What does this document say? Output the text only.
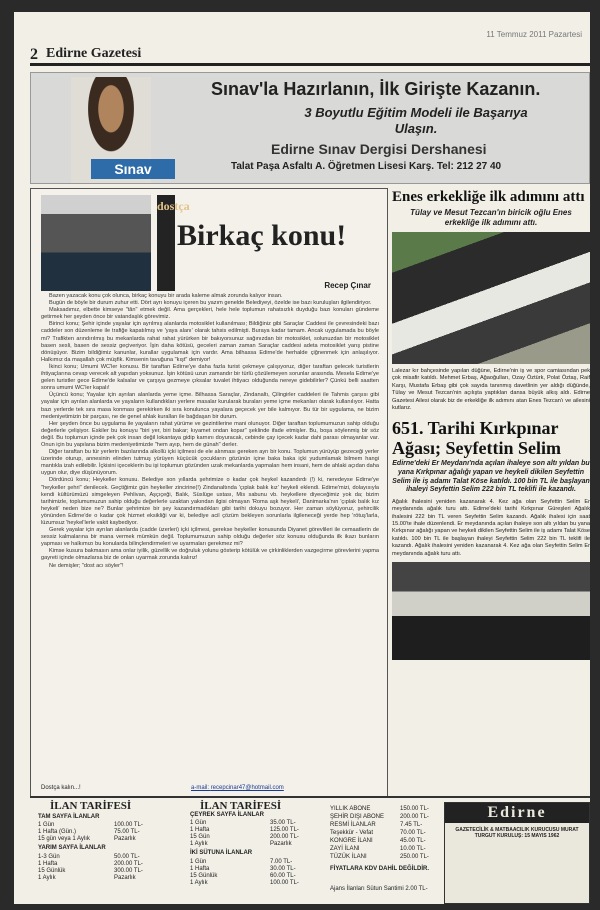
11 Temmuz 2011 Pazartesi
2 Edirne Gazetesi
Sınav
Sınav'la Hazırlanın, İlk Girişte Kazanın.
3 Boyutlu Eğitim Modeli ile Başarıya Ulaşın.
Edirne Sınav Dergisi Dershanesi
Talat Paşa Asfaltı A. Öğretmen Lisesi Karş. Tel: 212 27 40
dostça
Birkaç konu!
Recep Çınar

Bazen yazacak konu çok olunca, birkaç konuyu bir arada kaleme almak zorunda kalıyor insan.

Bugün de böyle bir durum zuhur etti. Dört ayrı konuyu içeren bu yazım genelde Belediyeyi, özelde ise bazı kuruluşları ilgilendiriyor.

Maksadımız, elbette kimseye "tân" etmek değil. Ama gerçekleri, hele hele toplumun rahatsızlık duyduğu bazı konuları gündeme getirmek her şeyden önce bir vatandaşlık görevimiz.

Birinci konu; Şehir içinde yayalar için ayrılmış alanlarda motosiklet kullanılması; Bildiğiniz gibi Saraçlar Caddesi ile çevresindeki bazı caddeler son düzenleme ile trafiğe kapatılmış ve 'yaya alanı' olarak tahsis edilmişti. Buraya kadar tamam. Ancak uygulamada bu böyle mi? Trafikten arındırılmış bu mekanlarda rahat rahat yürürken bir bakıyorsunuz sağınızdan bir motosiklet, solunuzdan bir motosiklet basen sesli, basen de sessiz geçiveriyor. İşin daha kötüsü, geceleri zaman zaman Saraçlar caddesi adeta motosiklet yarış pistine dönüşüyor. Bizim bildiğimiz kanunlar, kurallar uygulamak için vardır. Ama bilhassa Edirne'de herhalde çiğnenmek için anlaşılıyor. Halkımız da maşallah çok müşfik. Kimsenin tavuğuna "kışt" demiyor!

İkinci konu; Umumi WC'ler konusu. Bir taraftan Edirne'ye daha fazla turist çekmeye çalışıyoruz, diğer taraftan gelecek turistlerin ihtiyaçlarına cevap verecek alt yapıdan yoksunuz. İşin kötüsü uzun zamandır bir türlü çözülemeyen sorunlar arasında. Mesela Edirne'ye gelen turistler gece Edirne'de kalsalar ve çarşıya gezmeye çıksalar tuvalet ihtiyacı olduğunda nereye gidebilirler? Çünkü belli saatten sonra umumi WC'ler kapalı!

Üçüncü konu; Yayalar için ayrılan alanlarda yeme içme. Bilhassa Saraçlar, Zindanaltı, Çilingirler caddeleri ile Tahmis çarşısı gibi yayalar için ayrılan alanlarda ve yayaların kullandıkları yerlere masalar kurularak buraları yeme içme mekanları olarak kullanılıyor. Hatta bazı yerlerde tek sıra masa konması gerekirken iki sıra konulunca yayalara geçecek yer bile kalmıyor. Bu tür bir uygulama, ne bizim medeniyetimizin bir parçası, ne de genel ahlak kuralları ile bağdaşan bir durum.

Her şeyden önce bu uygulama ile yayaların rahat yürüme ve gezintilerine mani olunuyor. Diğer taraftan toplumumuzun sahip olduğu değerlerle çelişiyor. Eskiler bu konuyu "biri yer, biri bakar; kıyamet ondan kopar" şeklinde ifade etmişler. Bu, boşa söylenmiş bir söz değil. Bu toplumun içinde pek çok insan değil lokantaya gidip karnını doyuracak, cebinde çay içecek kadar dahi parası olmayanlar var. Onun için bu yapılana bizim medeniyetimizde "hem ayıp, hem de günah" derler.

Diğer taraftan bu tür yerlerin bazılarında alkollü içki içilmesi de ele alınması gereken ayrı bir konu. Toplumun yürüyüp gezeceği yerler üzerinde oturup, annesinin elinden tutmuş yürüyen küçücük çocukların gözünün içine baka baka içki yudumlamak bilmem hangi mantıkla izah edilebilir. İçkisini içeceklerin bu işi toplumun gözünden uzak mekanlarda yapmaları hem insani, hem de ahlaki açıdan daha uygun olur, diye düşünüyorum.

Dördüncü konu; Heykeller konusu. Belediye son yıllarda şehrimize o kadar çok heykel kazandırdı (!) ki, neredeyse Edirne'ye "heykeller şehri" denilecek. Geçtiğimiz gün heykeller zincirine(!) Zindanaltında 'çıplak balık kız' heykeli eklendi. Edirne'mizi, dolayısıyla kendi kültürümüzü simgeleyen Pehlivan, Aşçıçeği, Balık, Süslüge ustası, Mis sabunu vb. heykellere diyeceğimiz yok da; bizim tarihimizle, toplumumuzun sahip olduğu değerlerle uzaktan yakından ilgisi olmayan 'Roma aşk heykeli', Danimarka'nın 'çıplak balık kız heykeli' neden bize ne? Bunlar şehrimize bir şey kazandırmadıkları gibi tarihi dokuyu bozuyor. Her zaman söylüyoruz, şehircilik yönünden Edirne'de o kadar çok hizmet eksikliği var ki, belediye acil çözüm bekleyen sorunlarla ilgileneceği yerde hep 'rötuş'larla, lüzumsuz 'heykel'lerle vakit kaybediyor.

Gerek yayalar için ayrılan alanlarda (cadde üzerleri) içki içilmesi, gerekse heykeller konusunda Diyanet görevlileri ile cemaatlerin de sessiz kalmalarına bir mana vermek mümkün değil. Toplumumuzun sahip olduğu değerler söz konusu olduğunda ilk ikazı bunların yapması ve halkımızı bu konularda bilinçlendirmeleri ve uyarmaları gerekmez mi?

Kimse kusura bakmasın ama onlar iyilik, güzellik ve doğruluk yolunu gösterip kötülük ve çirkinliklerden vazgeçirme görevlerini yapma gayreti içinde olmazlarsa biz de onları uyarmak zorunda kalırız!

Ne demişler; "dost acı söyler"!

Dostça kalın...!	a-mail: recepcinar47@hotmail.com
Enes erkekliğe ilk adımını attı
Tülay ve Mesut Tezcan'ın biricik oğlu Enes erkekliğe ilk adımını attı.
Lalezar kır bahçesinde yapılan düğüne, Edirne'nin iş ve spor camiasından pek çok misafir katıldı. Mehmet Erbaş, Ağaoğulları, Ozay Öztürk, Polat Öztaş, Raif Karşı, Mustafa Erbaş gibi çok sayıda tanınmış davetlinin yer aldığı düğünde, Tülay ve Mesut Tezcan'nin açılışta yaptıkları dansa büyük alkış aldı. Edirne Gazetesi Ailesi olarak biz de erkekliğe ilk adımını atan Enes Tezcan'ı ve ailesini kutlarız.
651. Tarihi Kırkpınar Ağası; Seyfettin Selim
Edirne'deki Er Meydanı'nda açılan ihaleye son altı yıldan bu yana Kırkpınar ağalığı yapan ve heykeli dikilen Seyfettin Selim ile iş adamı Talat Köse katıldı. 100 bin TL ile başlayan ihaleyi Seyfettin Selim 222 bin TL teklifi ile kazandı.
Ağalık ihalesini yeniden kazanarak 4. Kez ağa olan Seyfettin Selim Er meydanında ağalık turu attı. Edirne'deki tarihi Kırkpınar Güreşleri Ağalık ihalesini 222 bin TL veren Seyfettin Selim kazandı. Ağalık ihalesi için saat 15.00'te ihale düzenlendi. Er meydanında açılan ihaleye son altı yıldan bu yana Kırkpınar ağalığı yapan ve heykeli dikilen Seyfettin Selim ile iş adamı Talat Köse katıldı. 100 bin TL ile başlayan ihaleyi Seyfettin Selim 222 bin TL teklifi ile kazandı. Ağalık ihalesini yeniden kazanarak 4. Kez ağa olan Seyfettin Selim Er meydanında ağalık turu attı.
İLAN TARİFESİ
TAM SAYFA İLANLAR
1 Gün	100.00 TL-
1 Hafta (Gün.)	75.00 TL-
15 gün veya 1 Aylık	Pazarlık
YARIM SAYFA İLANLAR
1-3 Gün	50.00 TL-
1 Hafta	200.00 TL-
15 Günlük	300.00 TL-
1 Aylık	Pazarlık
İLAN TARİFESİ
ÇEYREK SAYFA İLANLAR
1 Gün	35.00 TL-
1 Hafta	125.00 TL-
15 Gün	200.00 TL-
1 Aylık	Pazarlık
İKİ SÜTUNA İLANLAR
1 Gün	7.00 TL-
1 Hafta	30.00 TL-
15 Günlük	60.00 TL-
1 Aylık	100.00 TL-
YILLIK ABONE	150.00 TL-
ŞEHİR DIŞI ABONE	200.00 TL-
RESMİ İLANLAR	7.45 TL-
Teşekkür - Vefat	70.00 TL-
KONGRE İLANI	45.00 TL-
ZAYİ İLANI	10.00 TL-
TÜZÜK İLANI	250.00 TL-
FİYATLARA KDV DAHİL DEĞİLDİR.
Ajans İlanları Sütun Santimi 2.00 TL-
Edirne
GAZETECİLİK & MATBAACILIK KURUCUSU MURAT TURGUT KURULUŞ: 15 MAYIS 1962
